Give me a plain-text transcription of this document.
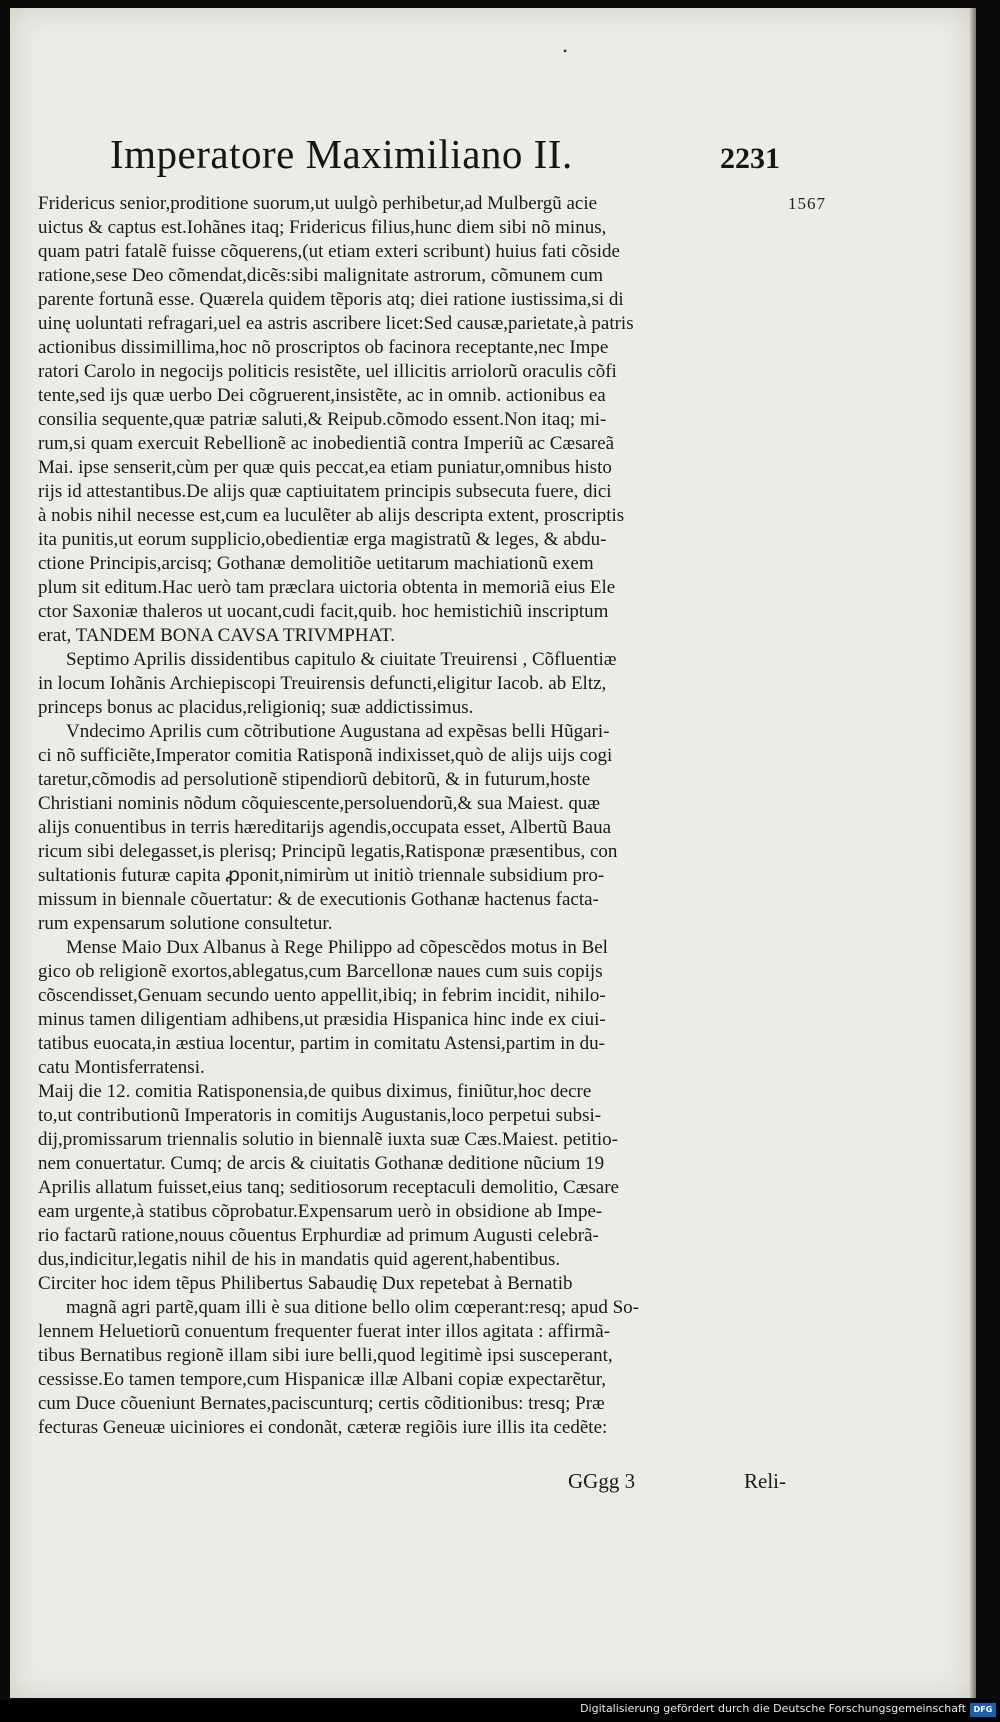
•
Imperatore Maximiliano II.	2231
1567
Fridericus senior,proditione suorum,ut uulgò perhibetur,ad Mulbergũ acie
uictus & captus est.Iohãnes itaq; Fridericus filius,hunc diem sibi nõ minus,
quam patri fatalẽ fuisse cõquerens,(ut etiam exteri scribunt) huius fati cõside
ratione,sese Deo cõmendat,dicẽs:sibi malignitate astrorum, cõmunem cum
parente fortunã esse. Quærela quidem tẽporis atq; diei ratione iustissima,si di
uinę uoluntati refragari,uel ea astris ascribere licet:Sed causæ,parietate,à patris
actionibus dissimillima,hoc nõ proscriptos ob facinora receptante,nec Impe
ratori Carolo in negocijs politicis resistẽte, uel illicitis arriolorũ oraculis cõfi
tente,sed ijs quæ uerbo Dei cõgruerent,insistẽte, ac in omnib. actionibus ea
consilia sequente,quæ patriæ saluti,& Reipub.cõmodo essent.Non itaq; mi-
rum,si quam exercuit Rebellionẽ ac inobedientiã contra Imperiũ ac Cæsareã
Mai. ipse senserit,cùm per quæ quis peccat,ea etiam puniatur,omnibus histo
rijs id attestantibus.De alijs quæ captiuitatem principis subsecuta fuere, dici
à nobis nihil necesse est,cum ea luculẽter ab alijs descripta extent, proscriptis
ita punitis,ut eorum supplicio,obedientiæ erga magistratũ & leges, & abdu-
ctione Principis,arcisq; Gothanæ demolitiõe uetitarum machiationũ exem
plum sit editum.Hac uerò tam præclara uictoria obtenta in memoriã eius Ele
ctor Saxoniæ thaleros ut uocant,cudi facit,quib. hoc hemistichiũ inscriptum
erat, TANDEM BONA CAVSA TRIVMPHAT.
Septimo Aprilis dissidentibus capitulo & ciuitate Treuirensi , Cõfluentiæ
in locum Iohãnis Archiepiscopi Treuirensis defuncti,eligitur Iacob. ab Eltz,
princeps bonus ac placidus,religioniq; suæ addictissimus.
Vndecimo Aprilis cum cõtributione Augustana ad expẽsas belli Hũgari-
ci nõ sufficiẽte,Imperator comitia Ratisponã indixisset,quò de alijs uijs cogi
taretur,cõmodis ad persolutionẽ stipendiorũ debitorũ, & in futurum,hoste
Christiani nominis nõdum cõquiescente,persoluendorũ,& sua Maiest. quæ
alijs conuentibus in terris hæreditarijs agendis,occupata esset, Albertũ Baua
ricum sibi delegasset,is plerisq; Principũ legatis,Ratisponæ præsentibus, con
sultationis futuræ capita ꝓponit,nimirùm ut initiò triennale subsidium pro-
missum in biennale cõuertatur: & de executionis Gothanæ hactenus facta-
rum expensarum solutione consultetur.
Mense Maio Dux Albanus à Rege Philippo ad cõpescẽdos motus in Bel
gico ob religionẽ exortos,ablegatus,cum Barcellonæ naues cum suis copijs
cõscendisset,Genuam secundo uento appellit,ibiq; in febrim incidit, nihilo-
minus tamen diligentiam adhibens,ut præsidia Hispanica hinc inde ex ciui-
tatibus euocata,in æstiua locentur, partim in comitatu Astensi,partim in du-
catu Montisferratensi.
Maij die 12. comitia Ratisponensia,de quibus diximus, finiũtur,hoc decre
to,ut contributionũ Imperatoris in comitijs Augustanis,loco perpetui subsi-
dij,promissarum triennalis solutio in biennalẽ iuxta suæ Cæs.Maiest. petitio-
nem conuertatur. Cumq; de arcis & ciuitatis Gothanæ deditione nũcium 19
Aprilis allatum fuisset,eius tanq; seditiosorum receptaculi demolitio, Cæsare
eam urgente,à statibus cõprobatur.Expensarum uerò in obsidione ab Impe-
rio factarũ ratione,nouus cõuentus Erphurdiæ ad primum Augusti celebrã-
dus,indicitur,legatis nihil de his in mandatis quid agerent,habentibus.
Circiter hoc idem tẽpus Philibertus Sabaudię Dux repetebat à Bernatib
magnã agri partẽ,quam illi è sua ditione bello olim cœperant:resq; apud So-
lennem Heluetiorũ conuentum frequenter fuerat inter illos agitata : affirmã-
tibus Bernatibus regionẽ illam sibi iure belli,quod legitimè ipsi susceperant,
cessisse.Eo tamen tempore,cum Hispanicæ illæ Albani copiæ expectarẽtur,
cum Duce cõueniunt Bernates,paciscunturq; certis cõditionibus: tresq; Præ
fecturas Geneuæ uiciniores ei condonãt, cæteræ regiõis iure illis ita cedẽte:
GGgg 3	Reli-
Digitalisierung gefördert durch die Deutsche Forschungsgemeinschaft DFG
